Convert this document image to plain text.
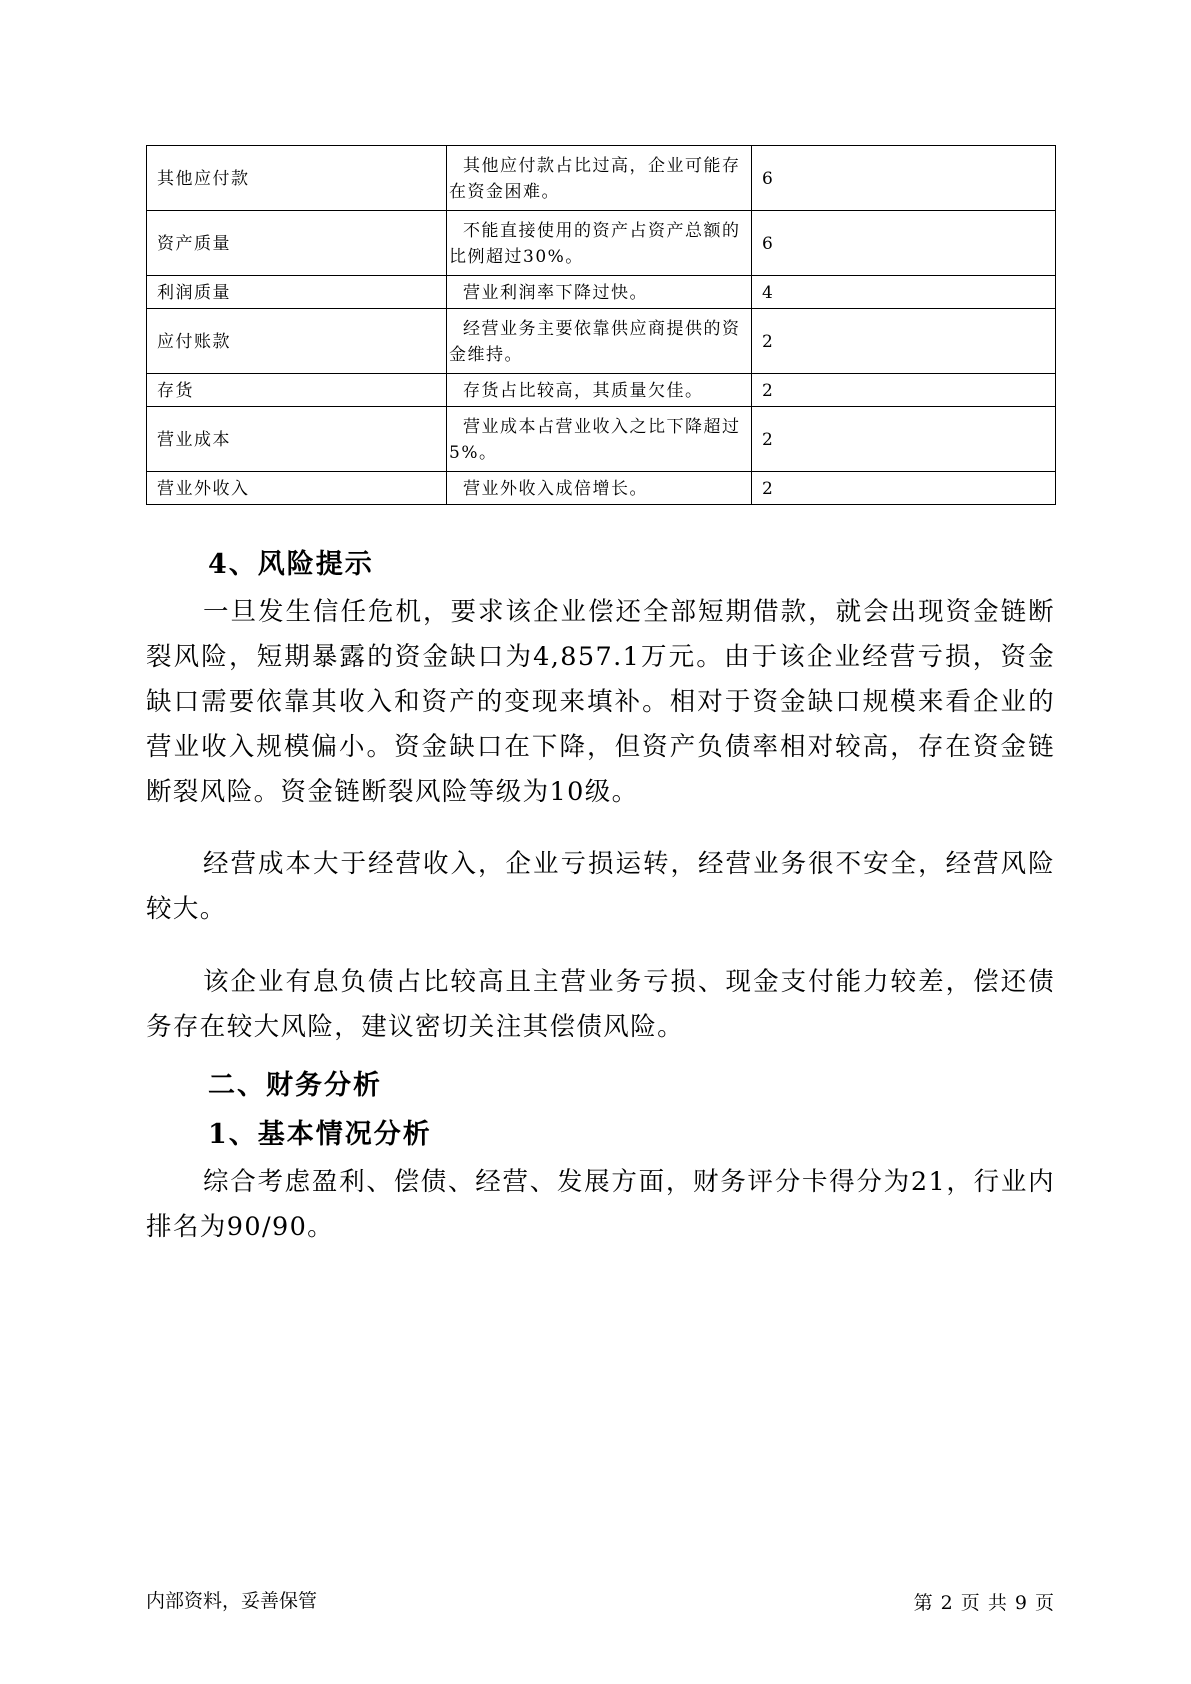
其他应付款	其他应付款占比过高，企业可能存在资金困难。	6
资产质量	不能直接使用的资产占资产总额的比例超过30%。	6
利润质量	营业利润率下降过快。	4
应付账款	经营业务主要依靠供应商提供的资金维持。	2
存货	存货占比较高，其质量欠佳。	2
营业成本	营业成本占营业收入之比下降超过5%。	2
营业外收入	营业外收入成倍增长。	2
4、风险提示

一旦发生信任危机，要求该企业偿还全部短期借款，就会出现资金链断裂风险，短期暴露的资金缺口为4,857.1万元。由于该企业经营亏损，资金缺口需要依靠其收入和资产的变现来填补。相对于资金缺口规模来看企业的营业收入规模偏小。资金缺口在下降，但资产负债率相对较高，存在资金链断裂风险。资金链断裂风险等级为10级。

经营成本大于经营收入，企业亏损运转，经营业务很不安全，经营风险较大。

该企业有息负债占比较高且主营业务亏损、现金支付能力较差，偿还债务存在较大风险，建议密切关注其偿债风险。

二、财务分析
1、基本情况分析

综合考虑盈利、偿债、经营、发展方面，财务评分卡得分为21，行业内排名为90/90。

内部资料，妥善保管	第 2 页 共 9 页
